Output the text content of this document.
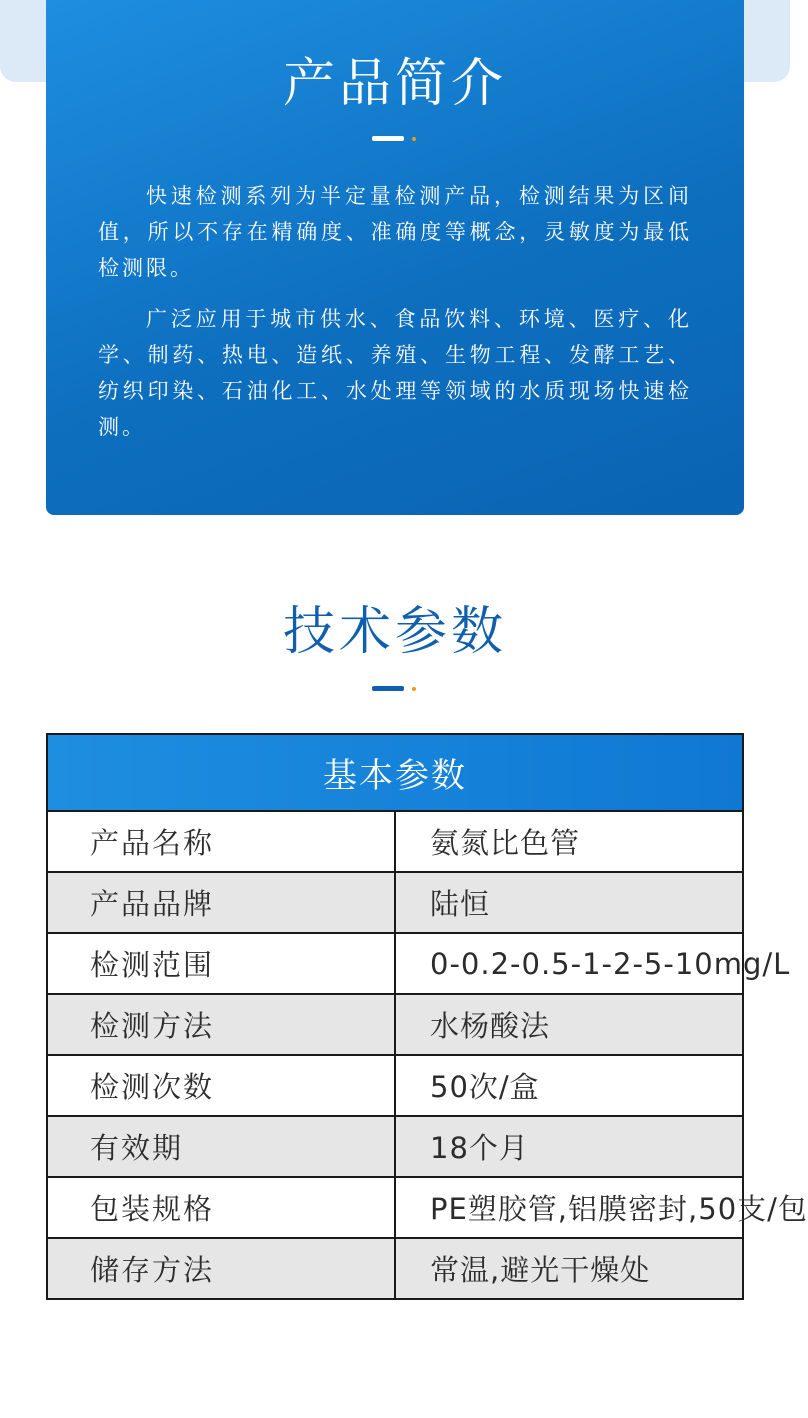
产品简介

快速检测系列为半定量检测产品，检测结果为区间值，所以不存在精确度、准确度等概念，灵敏度为最低检测限。

广泛应用于城市供水、食品饮料、环境、医疗、化学、制药、热电、造纸、养殖、生物工程、发酵工艺、纺织印染、石油化工、水处理等领域的水质现场快速检测。

技术参数
基本参数	
产品名称	氨氮比色管
产品品牌	陆恒
检测范围	0-0.2-0.5-1-2-5-10mg/L
检测方法	水杨酸法
检测次数	50次/盒
有效期	18个月
包装规格	PE塑胶管,铝膜密封,50支/包
储存方法	常温,避光干燥处
